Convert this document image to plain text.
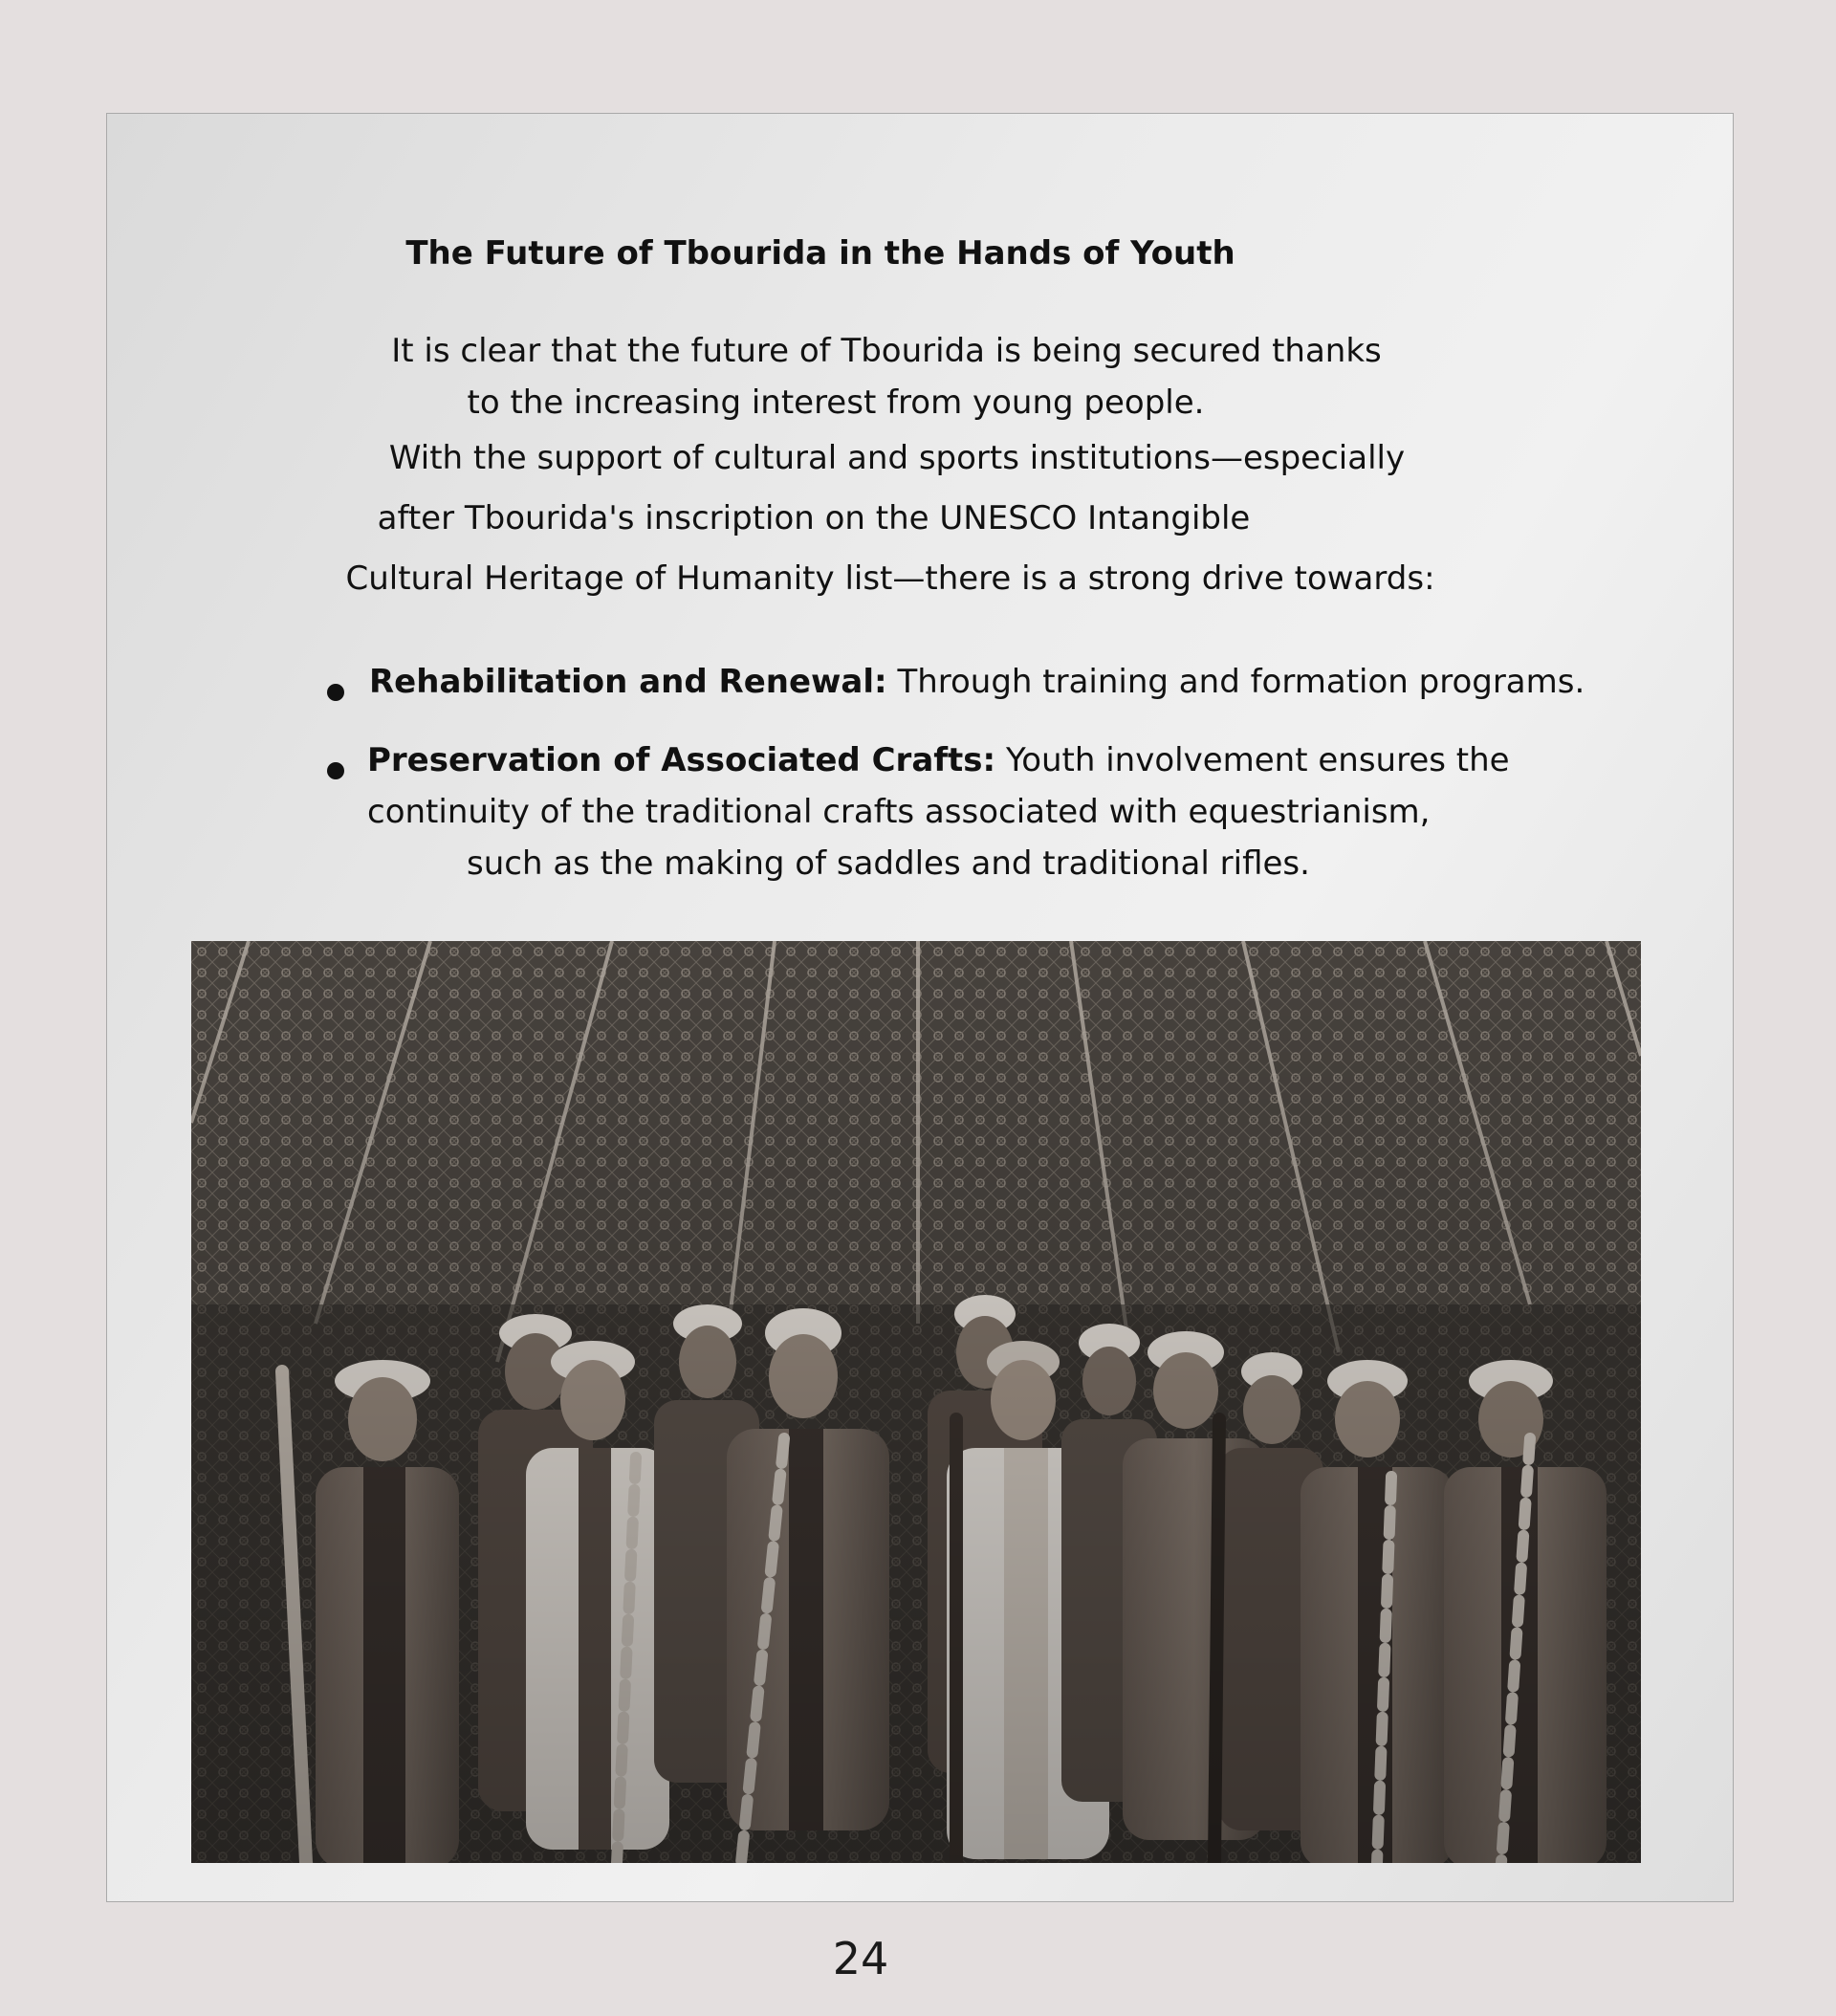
The Future of Tbourida in the Hands of Youth
It is clear that the future of Tbourida is being secured thanks
to the increasing interest from young people.
With the support of cultural and sports institutions—especially
after Tbourida's inscription on the UNESCO Intangible
Cultural Heritage of Humanity list—there is a strong drive towards:
Rehabilitation and Renewal: Through training and formation programs.
Preservation of Associated Crafts: Youth involvement ensures the
continuity of the traditional crafts associated with equestrianism,
such as the making of saddles and traditional rifles.
24
